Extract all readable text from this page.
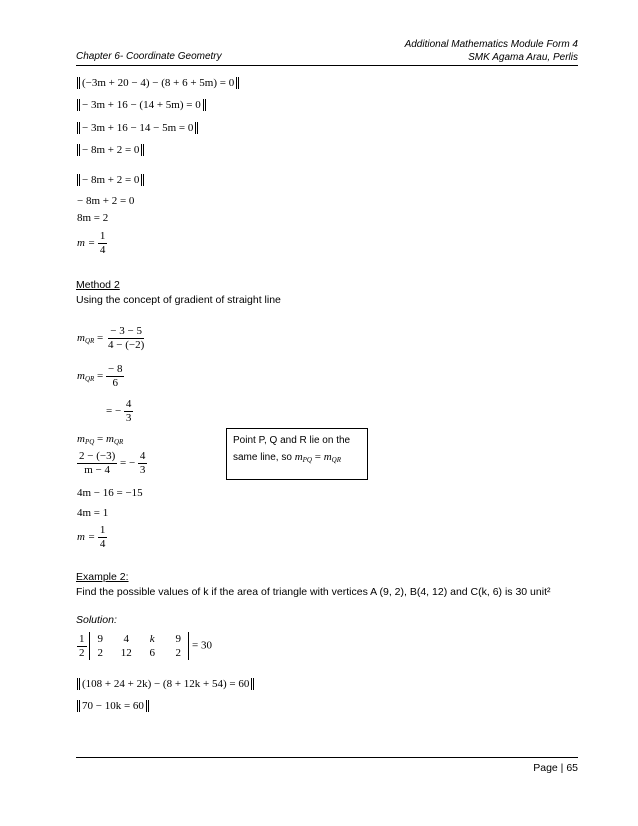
Additional Mathematics Module Form 4
SMK Agama Arau, Perlis
Chapter 6- Coordinate Geometry
(−3m + 20 − 4) − (8 + 6 + 5m) = 0
− 3m + 16 − (14 + 5m) = 0
− 3m + 16 − 14 − 5m = 0
− 8m + 2 = 0
− 8m + 2 = 0
− 8m + 2 = 0
8m = 2
$m = \frac{1}{4}$
Method 2
Using the concept of gradient of straight line
$m_{QR} = \frac{- 3 - 5}{4 - (-2)}$
$m_{QR} = \frac{- 8}{6}$
= − $\frac{4}{3}$
$m_{PQ} = m_{QR}$
$\frac{2 - (-3)}{m - 4}$ = − $\frac{4}{3}$
4m − 16 = −15
4m = 1
$m = \frac{1}{4}$
Point P, Q and R lie on the
same line, so $m_{PQ} = m_{QR}$
Example 2:
Find the possible values of k if the area of triangle with vertices A (9, 2), B(4, 12) and C(k, 6) is 30 unit²
Solution:
$\frac{1}{2}$
	9	4	k	9
2	12	6	2
= 30
(108 + 24 + 2k) − (8 + 12k + 54) = 60
70 − 10k = 60
Page | 65
